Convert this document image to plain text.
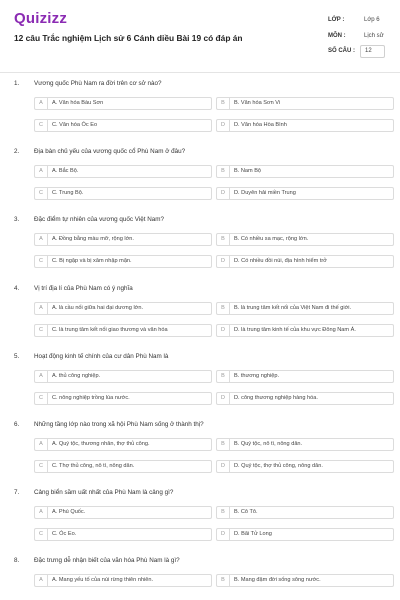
Quizizz
12 câu Trắc nghiệm Lịch sử 6 Cánh diều Bài 19 có đáp án
LỚP :	Lớp 6
MÔN :	Lịch sử
SỐ CÂU : 12
1. Vương quốc Phù Nam ra đời trên cơ sở nào?
A	A. Văn hóa Bàu Sơn	B	B. Văn hóa Sơn Vi
C	C. Văn hóa Óc Eo	D	D. Văn hóa Hòa Bình
2. Địa bàn chủ yếu của vương quốc cổ Phù Nam ở đâu?
A	A. Bắc Bộ.	B	B. Nam Bộ
C	C. Trung Bộ.	D	D. Duyên hải miền Trung
3. Đặc điểm tự nhiên của vương quốc Việt Nam?
A	A. Đồng bằng màu mỡ, rộng lớn.	B	B. Có nhiều sa mạc, rộng lớn.
C	C. Bị ngập và bị xâm nhập mặn.	D	D. Có nhiều đồi núi, địa hình hiểm trở
4. Vị trí địa lí của Phù Nam có ý nghĩa
A	A. là cầu nối giữa hai đại dương lớn.	B	B. là trung tâm kết nối của Việt Nam đi thế giới.
C	C. là trung tâm kết nối giao thương và văn hóa	D	D. là trung tâm kinh tế của khu vực Đông Nam Á.
5. Hoạt động kinh tế chính của cư dân Phù Nam là
A	A. thủ công nghiệp.	B	B. thương nghiệp.
C	C. nông nghiệp trồng lúa nước.	D	D. công thương nghiệp hàng hóa.
6. Những tầng lớp nào trong xã hội Phù Nam sống ở thành thị?
A	A. Quý tộc, thương nhân, thợ thủ công.	B	B. Quý tộc, nô tì, nông dân.
C	C. Thợ thủ công, nô tì, nông dân.	D	D. Quý tộc, thợ thủ công, nông dân.
7. Cảng biển sầm uất nhất của Phù Nam là cảng gì?
A	A. Phú Quốc.	B	B. Cô Tô.
C	C. Óc Eo.	D	D. Bãi Tử Long
8. Đặc trưng dễ nhận biết của văn hóa Phù Nam là gì?
A	A. Mang yếu tố của núi rừng thiên nhiên.	B	B. Mang đậm đời sống sông nước.
